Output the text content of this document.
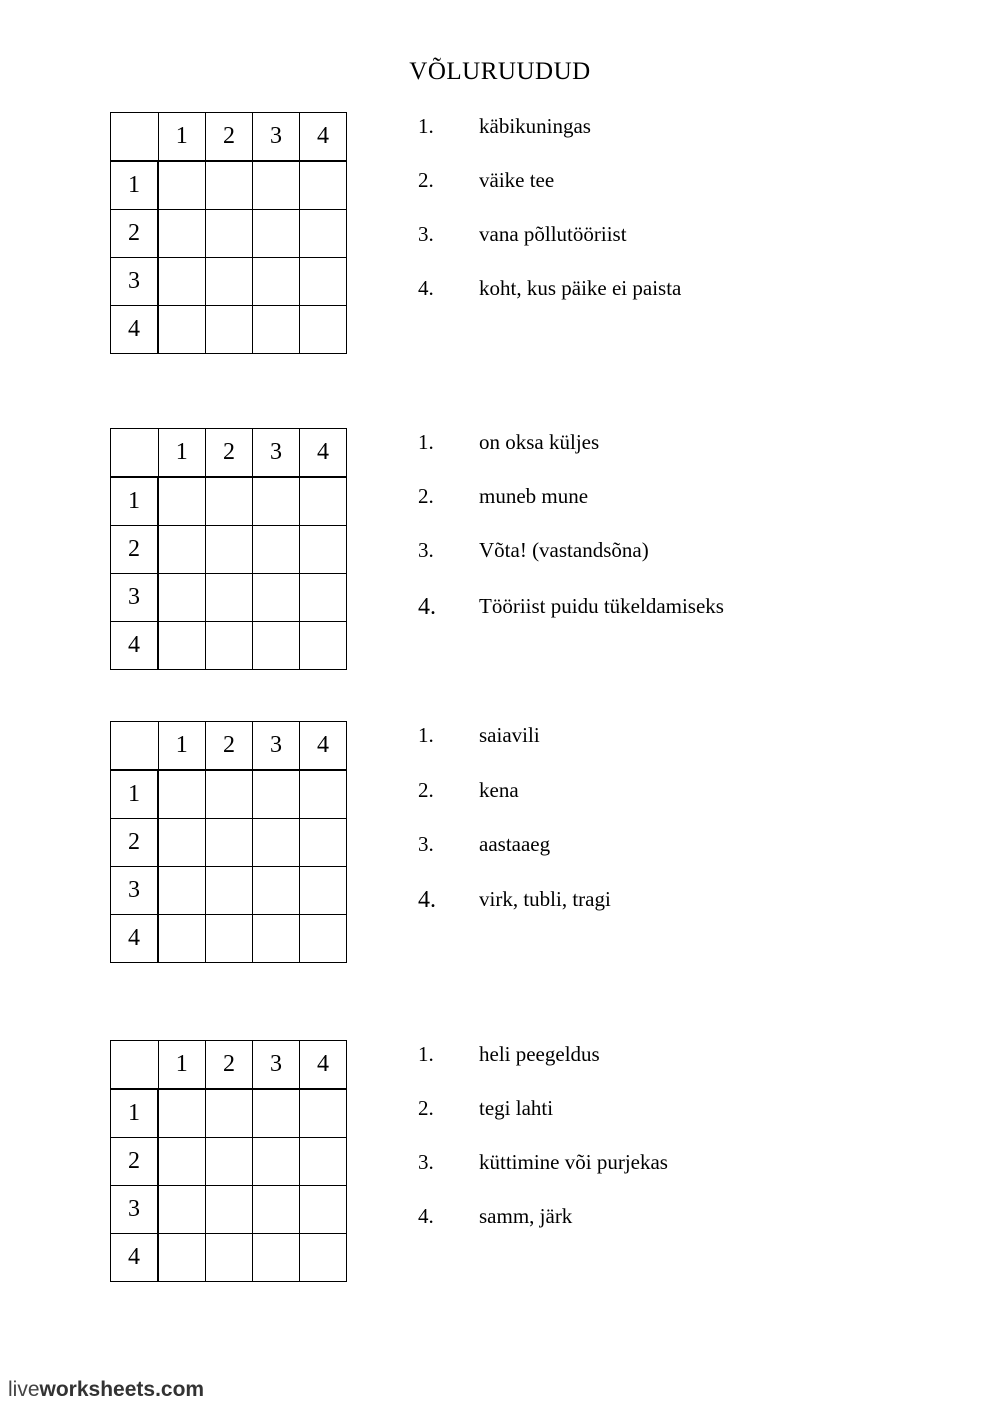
VÕLURUUDUD
	1	2	3	4
1				
2				
3				
4				
1.	käbikuningas
2.	väike tee
3.	vana põllutööriist
4.	koht, kus päike ei paista
	1	2	3	4
1				
2				
3				
4				
1.	on oksa küljes
2.	muneb mune
3.	Võta! (vastandsõna)
4.	Tööriist puidu tükeldamiseks
	1	2	3	4
1				
2				
3				
4				
1.	saiavili
2.	kena
3.	aastaaeg
4.	virk, tubli, tragi
	1	2	3	4
1				
2				
3				
4				
1.	heli peegeldus
2.	tegi lahti
3.	küttimine või purjekas
4.	samm, järk
liveworksheets.com
